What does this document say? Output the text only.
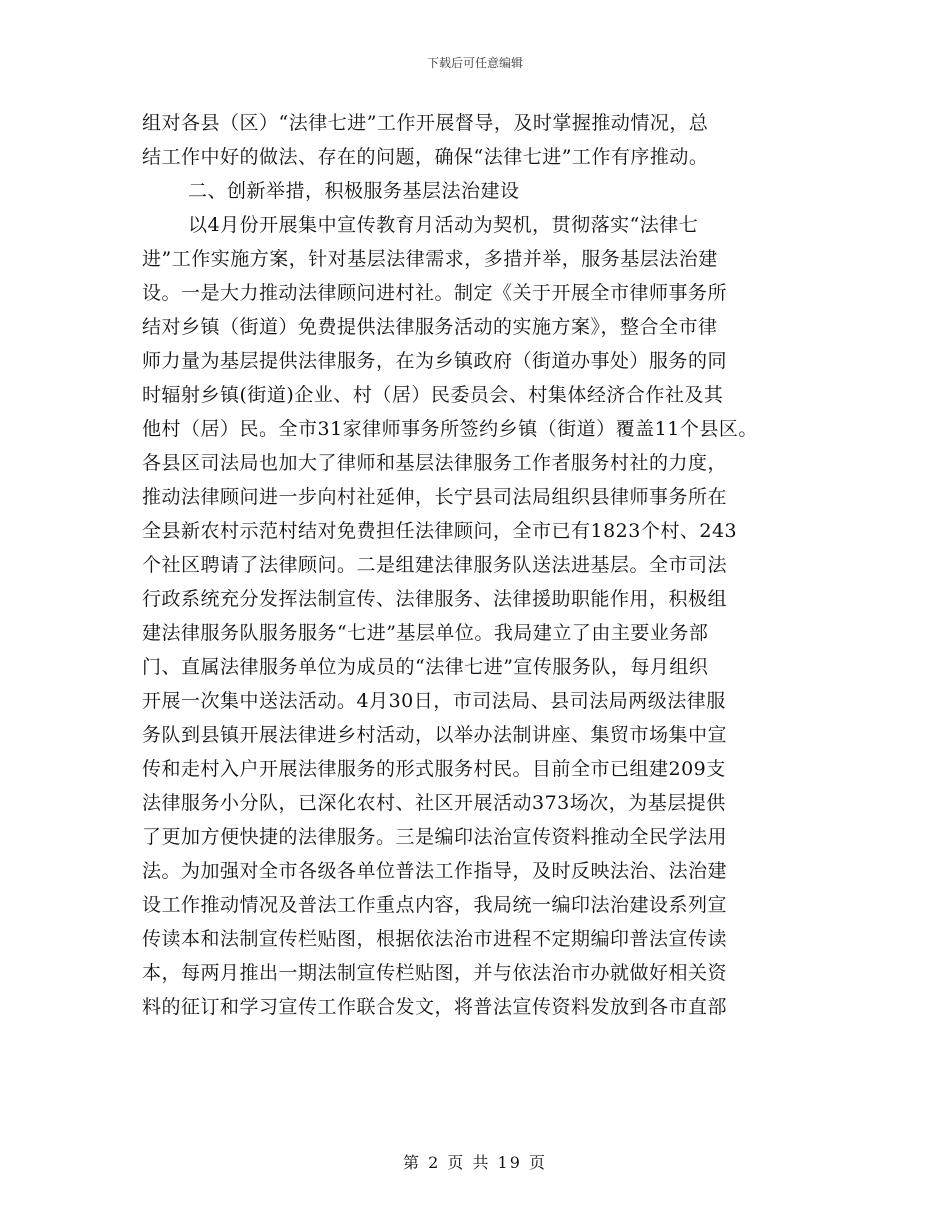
下载后可任意编辑
组对各县（区）“法律七进”工作开展督导，及时掌握推动情况，总
结工作中好的做法、存在的问题，确保“法律七进”工作有序推动。
二、创新举措，积极服务基层法治建设
以4月份开展集中宣传教育月活动为契机，贯彻落实“法律七
进”工作实施方案，针对基层法律需求，多措并举，服务基层法治建
设。一是大力推动法律顾问进村社。制定《关于开展全市律师事务所
结对乡镇（街道）免费提供法律服务活动的实施方案》，整合全市律
师力量为基层提供法律服务，在为乡镇政府（街道办事处）服务的同
时辐射乡镇(街道)企业、村（居）民委员会、村集体经济合作社及其
他村（居）民。全市31家律师事务所签约乡镇（街道）覆盖11个县区。
各县区司法局也加大了律师和基层法律服务工作者服务村社的力度，
推动法律顾问进一步向村社延伸，长宁县司法局组织县律师事务所在
全县新农村示范村结对免费担任法律顾问，全市已有1823个村、243
个社区聘请了法律顾问。二是组建法律服务队送法进基层。全市司法
行政系统充分发挥法制宣传、法律服务、法律援助职能作用，积极组
建法律服务队服务服务“七进”基层单位。我局建立了由主要业务部
门、直属法律服务单位为成员的“法律七进”宣传服务队，每月组织
开展一次集中送法活动。4月30日，市司法局、县司法局两级法律服
务队到县镇开展法律进乡村活动，以举办法制讲座、集贸市场集中宣
传和走村入户开展法律服务的形式服务村民。目前全市已组建209支
法律服务小分队，已深化农村、社区开展活动373场次，为基层提供
了更加方便快捷的法律服务。三是编印法治宣传资料推动全民学法用
法。为加强对全市各级各单位普法工作指导，及时反映法治、法治建
设工作推动情况及普法工作重点内容，我局统一编印法治建设系列宣
传读本和法制宣传栏贴图，根据依法治市进程不定期编印普法宣传读
本，每两月推出一期法制宣传栏贴图，并与依法治市办就做好相关资
料的征订和学习宣传工作联合发文，将普法宣传资料发放到各市直部
第 2 页 共 19 页
